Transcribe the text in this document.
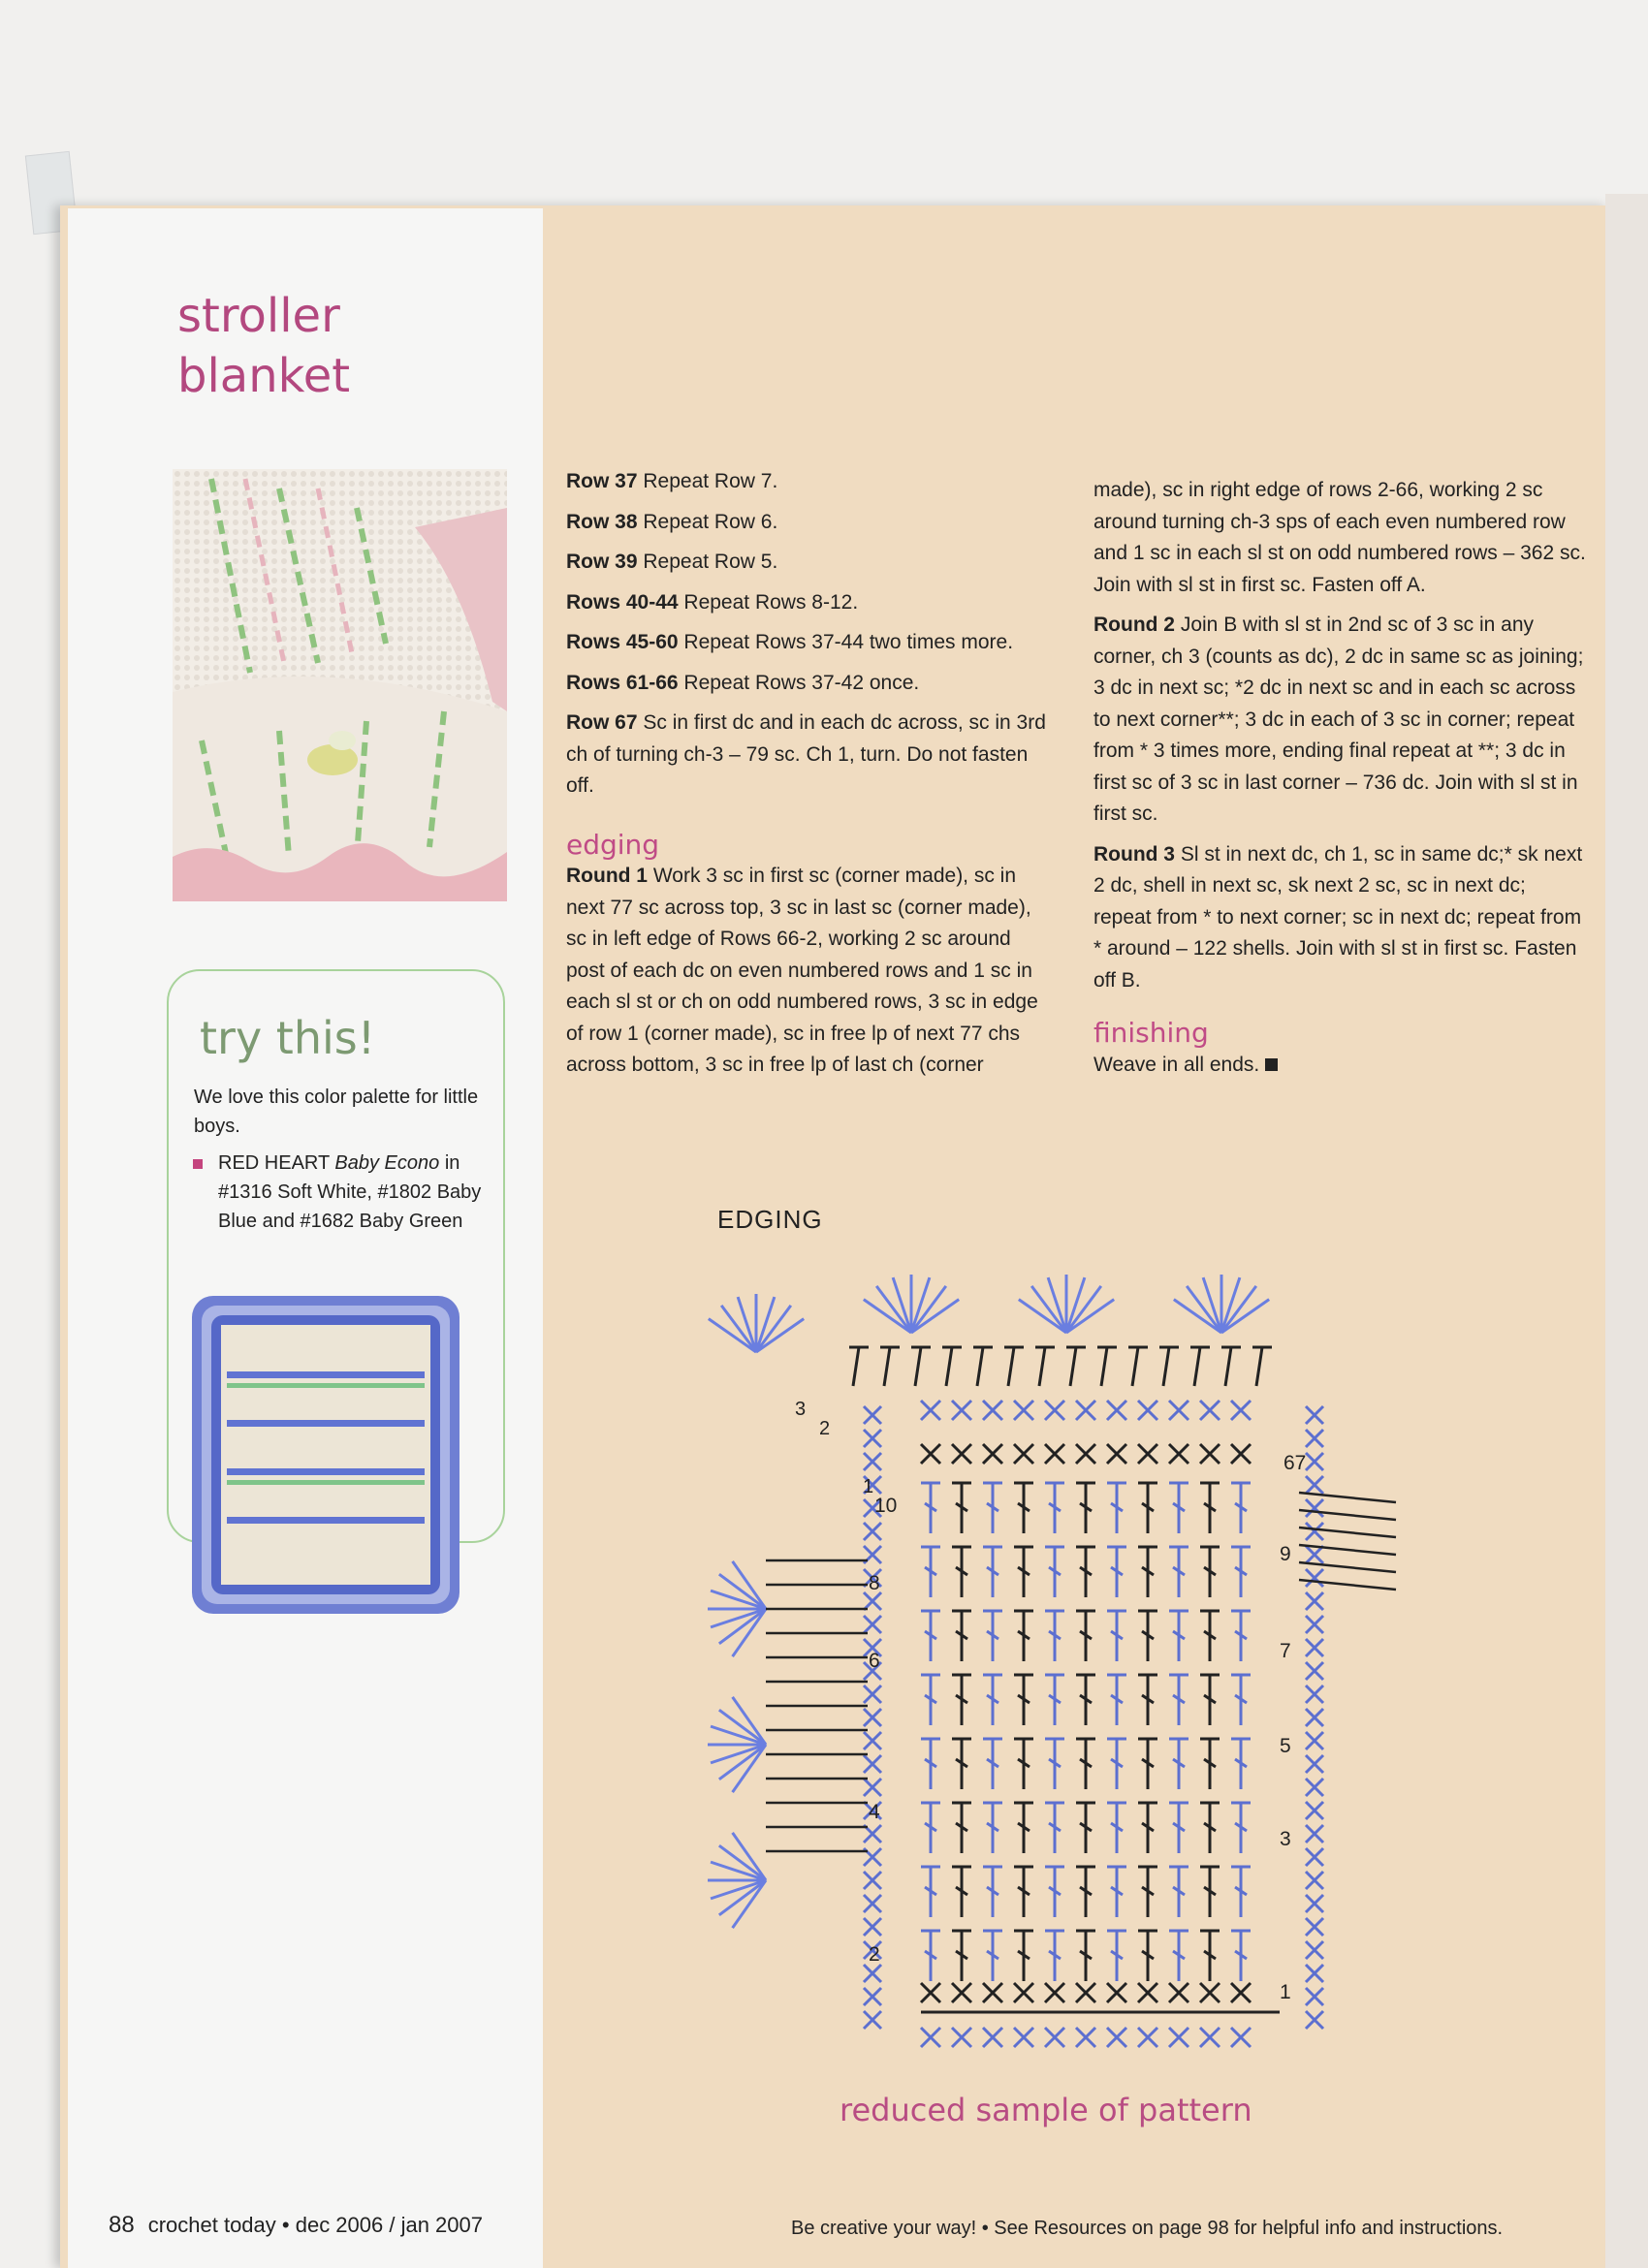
stroller
blanket
try this!
We love this color palette for little boys.
RED HEART Baby Econo in #1316 Soft White, #1802 Baby Blue and #1682 Baby Green

Row 37 Repeat Row 7.

Row 38 Repeat Row 6.

Row 39 Repeat Row 5.

Rows 40-44 Repeat Rows 8-12.

Rows 45-60 Repeat Rows 37-44 two times more.

Rows 61-66 Repeat Rows 37-42 once.

Row 67 Sc in first dc and in each dc across, sc in 3rd ch of turning ch-3 – 79 sc. Ch 1, turn. Do not fasten off.

edging

Round 1 Work 3 sc in first sc (corner made), sc in next 77 sc across top, 3 sc in last sc (corner made), sc in left edge of Rows 66-2, working 2 sc around post of each dc on even numbered rows and 1 sc in each sl st or ch on odd numbered rows, 3 sc in edge of row 1 (corner made), sc in free lp of next 77 chs across bottom, 3 sc in free lp of last ch (corner

made), sc in right edge of rows 2-66, working 2 sc around turning ch-3 sps of each even numbered row and 1 sc in each sl st on odd numbered rows – 362 sc. Join with sl st in first sc. Fasten off A.

Round 2 Join B with sl st in 2nd sc of 3 sc in any corner, ch 3 (counts as dc), 2 dc in same sc as joining; 3 dc in next sc; *2 dc in next sc and in each sc across to next corner**; 3 dc in each of 3 sc in corner; repeat from * 3 times more, ending final repeat at **; 3 dc in first sc of 3 sc in last corner – 736 dc. Join with sl st in first sc.

Round 3 Sl st in next dc, ch 1, sc in same dc;* sk next 2 dc, shell in next sc, sk next 2 sc, sc in next dc; repeat from * to next corner; sc in next dc; repeat from * around – 122 shells. Join with sl st in first sc. Fasten off B.

finishing

Weave in all ends.

EDGING
1
2
3
4
5
6	7
8
9
10
67
1
2
3
reduced sample of pattern
88 crochet today • dec 2006 / jan 2007	Be creative your way! • See Resources on page 98 for helpful info and instructions.
